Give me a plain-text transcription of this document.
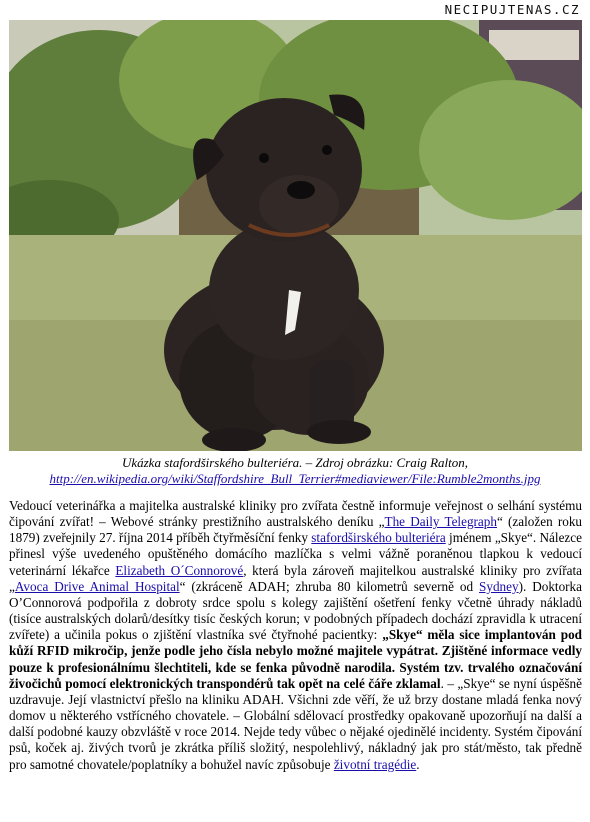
NECIPUJTENAS.CZ
Ukázka stafordširského bulteriéra. – Zdroj obrázku: Craig Ralton,
http://en.wikipedia.org/wiki/Staffordshire_Bull_Terrier#mediaviewer/File:Rumble2months.jpg
Vedoucí veterinářka a majitelka australské kliniky pro zvířata čestně informuje veřejnost o selhání systému čipování zvířat! – Webové stránky prestižního australského deníku „The Daily Telegraph“ (založen roku 1879) zveřejnily 27. října 2014 příběh čtyřměsíční fenky stafordširského bulteriéra jménem „Skye“. Nálezce přinesl výše uvedeného opuštěného domácího mazlíčka s velmi vážně poraněnou tlapkou k vedoucí veterinární lékařce Elizabeth O´Connorové, která byla zároveň majitelkou australské kliniky pro zvířata „Avoca Drive Animal Hospital“ (zkráceně ADAH; zhruba 80 kilometrů severně od Sydney). Doktorka O’Connorová podpořila z dobroty srdce spolu s kolegy zajištění ošetření fenky včetně úhrady nákladů (tisíce australských dolarů/desítky tisíc českých korun; v podobných případech dochází zpravidla k utracení zvířete) a učinila pokus o zjištění vlastníka své čtyřnohé pacientky: „Skye“ měla sice implantován pod kůží RFID mikročip, jenže podle jeho čísla nebylo možné majitele vypátrat. Zjištěné informace vedly pouze k profesionálnímu šlechtiteli, kde se fenka původně narodila. Systém tzv. trvalého označování živočichů pomocí elektronických transpondérů tak opět na celé čáře zklamal. – „Skye“ se nyní úspěšně uzdravuje. Její vlastnictví přešlo na kliniku ADAH. Všichni zde věří, že už brzy dostane mladá fenka nový domov u některého vstřícného chovatele. – Globální sdělovací prostředky opakovaně upozorňují na další a další podobné kauzy obzvláště v roce 2014. Nejde tedy vůbec o nějaké ojedinělé incidenty. Systém čipování psů, koček aj. živých tvorů je zkrátka příliš složitý, nespolehlivý, nákladný jak pro stát/město, tak předně pro samotné chovatele/poplatníky a bohužel navíc způsobuje životní tragédie.
